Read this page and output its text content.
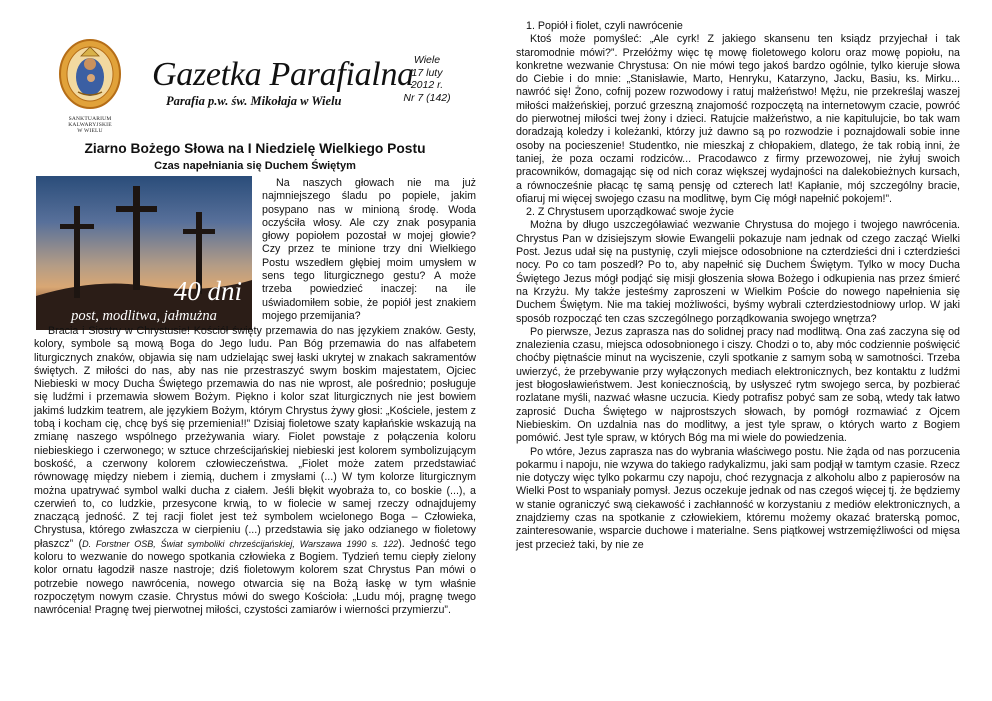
SANKTUARIUM
KALWARYJSKIE
W WIELU
Gazetka Parafialna
Parafia p.w. św. Mikołaja w Wielu
Wiele
17 luty
2012 r.
Nr 7 (142)
Ziarno Bożego Słowa na I Niedzielę Wielkiego Postu
Czas napełniania się Duchem Świętym
40 dni
post, modlitwa, jałmużna

Na naszych głowach nie ma już najmniejszego śladu po popiele, jakim posypano nas w minioną środę. Woda oczyściła włosy. Ale czy znak posypania głowy popiołem pozostał w mojej głowie? Czy przez te minione trzy dni Wielkiego Postu wszedłem głębiej moim umysłem w sens tego liturgicznego gestu? A może trzeba powiedzieć inaczej: na ile uświadomiłem sobie, że popiół jest znakiem mojego przemijania?

Bracia i Siostry w Chrystusie! Kościół święty przemawia do nas językiem znaków. Gesty, kolory, symbole są mową Boga do Jego ludu. Pan Bóg przemawia do nas alfabetem liturgicznych znaków, objawia się nam udzielając swej łaski ukrytej w znakach sakramentów świętych. Z miłości do nas, aby nas nie przestraszyć swym boskim majestatem, Ojciec Niebieski w mocy Ducha Świętego przemawia do nas nie wprost, ale pośrednio; posługuje się ludźmi i przemawia słowem Bożym. Piękno i kolor szat liturgicznych nie jest bowiem jakimś ludzkim teatrem, ale językiem Bożym, którym Chrystus żywy głosi: „Kościele, jestem z tobą i kocham cię, chcę byś się przemienia!!” Dzisiaj fioletowe szaty kapłańskie wskazują na zmianę naszego wspólnego przeżywania wiary. Fiolet powstaje z połączenia koloru niebieskiego i czerwonego; w sztuce chrześcijańskiej niebieski jest kolorem symbolizującym boskość, a czerwony kolorem człowieczeństwa. „Fiolet może zatem przedstawiać równowagę między niebem i ziemią, duchem i zmysłami (...) W tym kolorze liturgicznym można upatrywać symbol walki ducha z ciałem. Jeśli błękit wyobraża to, co boskie (...), a czerwień to, co ludzkie, przesycone krwią, to w fiolecie w samej rzeczy odnajdujemy znaczącą jedność. Z tej racji fiolet jest też symbolem wcielonego Boga – Człowieka, Chrystusa, którego zwłaszcza w cierpieniu (...) przedstawia się jako odzianego w fioletowy płaszcz” (D. Forstner OSB, Świat symboliki chrześcijańskiej, Warszawa 1990 s. 122). Jedność tego koloru to wezwanie do nowego spotkania człowieka z Bogiem. Tydzień temu ciepły zielony kolor ornatu łagodził nasze nastroje; dziś fioletowym kolorem szat Chrystus Pan mówi o potrzebie nowego nawrócenia, nowego otwarcia się na Bożą łaskę w tym właśnie rozpoczętym nowym czasie. Chrystus mówi do swego Kościoła: „Ludu mój, pragnę twego nawrócenia! Pragnę twej pierwotnej miłości, czystości zamiarów i wierności przymierzu”.

1. Popiół i fiolet, czyli nawrócenie

Ktoś może pomyśleć: „Ale cyrk! Z jakiego skansenu ten ksiądz przyjechał i tak staromodnie mówi?”. Przełóżmy więc tę mowę fioletowego koloru oraz mowę popiołu, na konkretne wezwanie Chrystusa: On nie mówi tego jakoś bardzo ogólnie, tylko kieruje słowa do Ciebie i do mnie: „Stanisławie, Marto, Henryku, Katarzyno, Jacku, Basiu, ks. Mirku... nawróć się! Żono, cofnij pozew rozwodowy i ratuj małżeństwo! Mężu, nie przekreślaj waszej miłości małżeńskiej, porzuć grzeszną znajomość rozpoczętą na internetowym czacie, powróć do pierwotnej miłości twej żony i dzieci. Ratujcie małżeństwo, a nie kapitulujcie, bo tak wam doradzają koledzy i koleżanki, którzy już dawno są po rozwodzie i poznajdowali sobie inne osoby na pocieszenie! Studentko, nie mieszkaj z chłopakiem, dlatego, że tak robią inni, że taniej, że poza oczami rodziców... Pracodawco z firmy przewozowej, nie żyłuj swoich pracowników, domagając się od nich coraz większej wydajności na dalekobieżnych kursach, a równocześnie płacąc tę samą pensję od czterech lat! Kapłanie, mój szczególny bracie, ofiaruj mi więcej swojego czasu na modlitwę, bym Cię mógł napełnić pokojem!”.

2. Z Chrystusem uporządkować swoje życie

Można by długo uszczegóławiać wezwanie Chrystusa do mojego i twojego nawrócenia. Chrystus Pan w dzisiejszym słowie Ewangelii pokazuje nam jednak od czego zacząć Wielki Post. Jezus udał się na pustynię, czyli miejsce odosobnione na czterdzieści dni i czterdzieści nocy. Po co tam poszedł? Po to, aby napełnić się Duchem Świętym. Tylko w mocy Ducha Świętego Jezus mógł podjąć się misji głoszenia słowa Bożego i odkupienia nas przez śmierć na Krzyżu. My także jesteśmy zaproszeni w Wielkim Poście do nowego napełnienia się Duchem Świętym. Nie ma takiej możliwości, byśmy wybrali czterdziestodniowy urlop. W jaki sposób rozpocząć ten czas szczególnego porządkowania swojego wnętrza?

Po pierwsze, Jezus zaprasza nas do solidnej pracy nad modlitwą. Ona zaś zaczyna się od znalezienia czasu, miejsca odosobnionego i ciszy. Chodzi o to, aby móc codziennie poświęcić choćby piętnaście minut na wyciszenie, czyli spotkanie z samym sobą w samotności. Trzeba uwierzyć, że przebywanie przy wyłączonych mediach elektronicznych, bez kontaktu z ludźmi jest błogosławieństwem. Jest koniecznością, by usłyszeć rytm swojego serca, by pozbierać rozlatane myśli, nazwać własne uczucia. Kiedy potrafisz pobyć sam ze sobą, wtedy tak łatwo zaprosić Ducha Świętego w najprostszych słowach, by pomógł rozmawiać z Ojcem Niebieskim. On uzdalnia nas do modlitwy, a jest tyle spraw, o których warto z Bogiem pomówić. Jest tyle spraw, w których Bóg ma mi wiele do powiedzenia.

Po wtóre, Jezus zaprasza nas do wybrania właściwego postu. Nie żąda od nas porzucenia pokarmu i napoju, nie wzywa do takiego radykalizmu, jaki sam podjął w tamtym czasie. Rzecz nie dotyczy więc tylko pokarmu czy napoju, choć rezygnacja z alkoholu albo z papierosów na Wielki Post to wspaniały pomysł. Jezus oczekuje jednak od nas czegoś więcej tj. że będziemy w stanie ograniczyć swą ciekawość i zachłanność w korzystaniu z mediów elektronicznych, a znajdziemy czas na spotkanie z człowiekiem, któremu możemy okazać braterską pomoc, zainteresowanie, wsparcie duchowe i materialne. Sens piątkowej wstrzemięźliwości od mięsa jest przecież taki, by nie ze
